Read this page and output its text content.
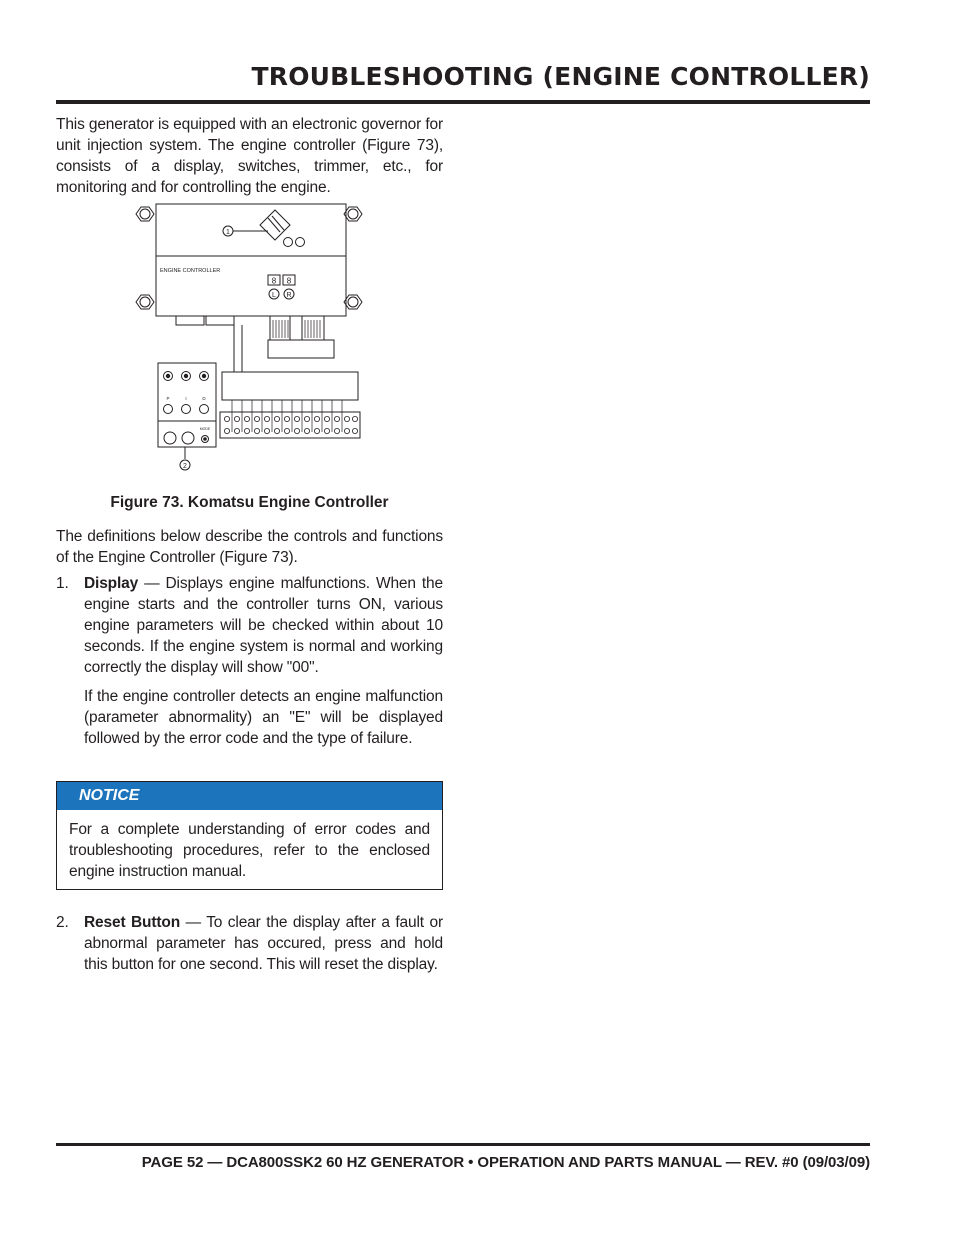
TROUBLESHOOTING (ENGINE CONTROLLER)

This generator is equipped with an electronic governor for unit injection system. The engine controller (Figure 73), consists of a display, switches, trimmer, etc., for monitoring and for controlling the engine.

ENGINE CONTROLLER
1
2
8 8
L R
P	I	D
MODE
Figure 73. Komatsu Engine Controller

The definitions below describe the controls and functions of the Engine Controller (Figure 73).

1. Display — Displays engine malfunctions. When the engine starts and the controller turns ON, various engine parameters will be checked within about 10 seconds. If the engine system is normal and working correctly the display will show "00".
If the engine controller detects an engine malfunction (parameter abnormality) an "E" will be displayed followed by the error code and the type of failure.
NOTICE
For a complete understanding of error codes and troubleshooting procedures, refer to the enclosed engine instruction manual.
2. Reset Button — To clear the display after a fault or abnormal parameter has occured, press and hold this button for one second. This will reset the display.
PAGE 52 — DCA800SSK2 60 HZ GENERATOR • OPERATION AND PARTS MANUAL — REV. #0 (09/03/09)
